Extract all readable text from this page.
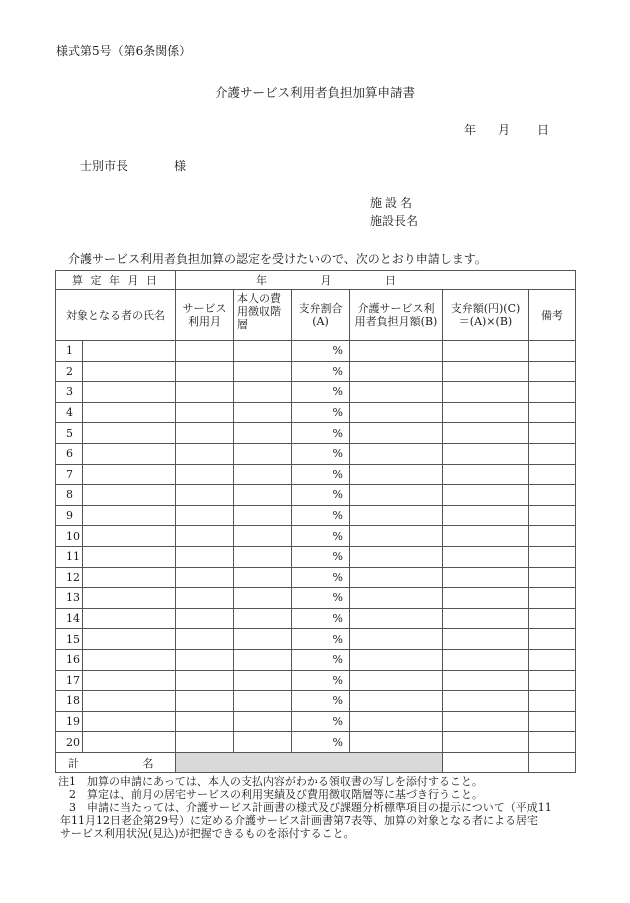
様式第5号（第6条関係）
介護サービス利用者負担加算申請書
年 月 日
士別市長	様
施設名
施設長名
介護サービス利用者負担加算の認定を受けたいので、次のとおり申請します。
算 定 年 月 日		年 月 日					
対象となる者の氏名		サービス利用月	本人の費用徴収階層	支弁割合(A)	介護サービス利用者負担月額(B)	支弁額(円)(C)＝(A)×(B)	備考
1				%			
2				%			
3				%			
4				%			
5				%			
6				%			
7				%			
8				%			
9				%			
10				%			
11				%			
12				%			
13				%			
14				%			
15				%			
16				%			
17				%			
18				%			
19				%			
20				%			
計 名							
注1　加算の申請にあっては、本人の支払内容がわかる領収書の写しを添付すること。
　2　算定は、前月の居宅サービスの利用実績及び費用徴収階層等に基づき行うこと。
　3　申請に当たっては、介護サービス計画書の様式及び課題分析標準項目の提示について（平成11
年11月12日老企第29号）に定める介護サービス計画書第7表等、加算の対象となる者による居宅
サービス利用状況(見込)が把握できるものを添付すること。
